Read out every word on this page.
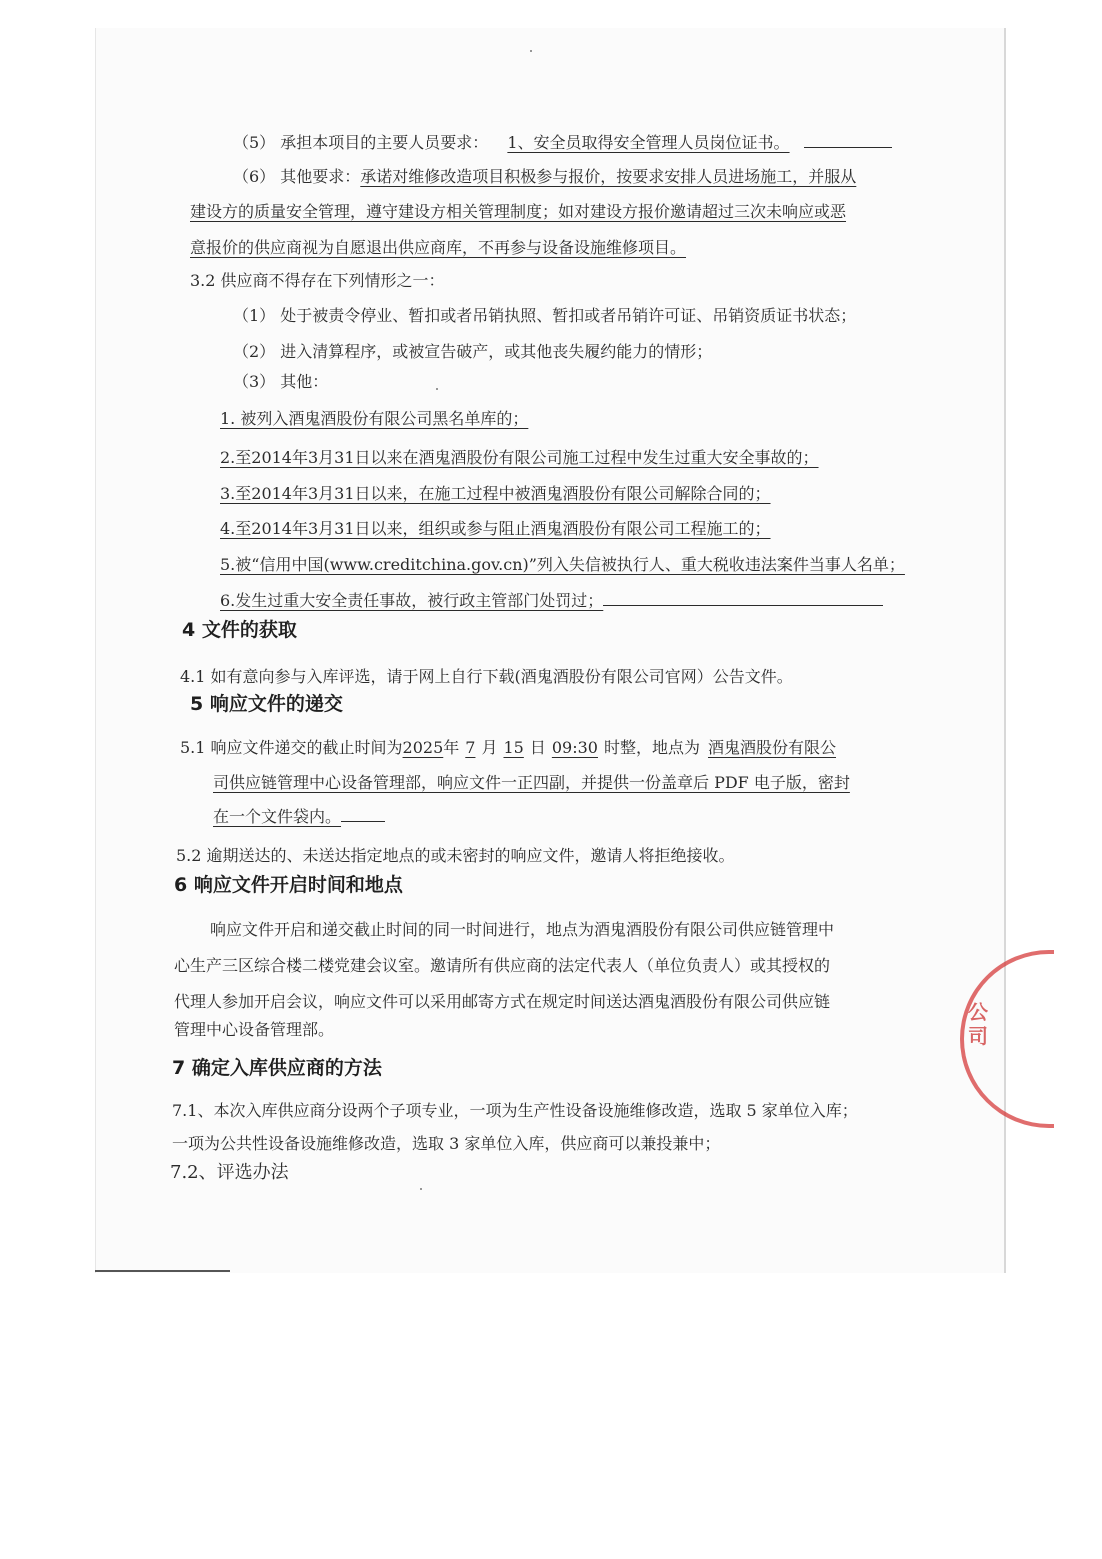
（5） 承担本项目的主要人员要求： 1、安全员取得安全管理人员岗位证书。
（6） 其他要求：承诺对维修改造项目积极参与报价，按要求安排人员进场施工，并服从
建设方的质量安全管理，遵守建设方相关管理制度；如对建设方报价邀请超过三次未响应或恶
意报价的供应商视为自愿退出供应商库，不再参与设备设施维修项目。
3.2 供应商不得存在下列情形之一：
（1） 处于被责令停业、暂扣或者吊销执照、暂扣或者吊销许可证、吊销资质证书状态；
（2） 进入清算程序，或被宣告破产，或其他丧失履约能力的情形；
（3） 其他：
1. 被列入酒鬼酒股份有限公司黑名单库的；
2.至2014年3月31日以来在酒鬼酒股份有限公司施工过程中发生过重大安全事故的；
3.至2014年3月31日以来，在施工过程中被酒鬼酒股份有限公司解除合同的；
4.至2014年3月31日以来，组织或参与阻止酒鬼酒股份有限公司工程施工的；
5.被“信用中国(www.creditchina.gov.cn)”列入失信被执行人、重大税收违法案件当事人名单；
6.发生过重大安全责任事故，被行政主管部门处罚过；
4 文件的获取
4.1 如有意向参与入库评选，请于网上自行下载(酒鬼酒股份有限公司官网）公告文件。
5 响应文件的递交
5.1 响应文件递交的截止时间为2025年 7 月 15 日 09:30 时整，地点为 酒鬼酒股份有限公
司供应链管理中心设备管理部，响应文件一正四副，并提供一份盖章后 PDF 电子版，密封
在一个文件袋内。
5.2 逾期送达的、未送达指定地点的或未密封的响应文件，邀请人将拒绝接收。
6 响应文件开启时间和地点
响应文件开启和递交截止时间的同一时间进行，地点为酒鬼酒股份有限公司供应链管理中
心生产三区综合楼二楼党建会议室。邀请所有供应商的法定代表人（单位负责人）或其授权的
代理人参加开启会议，响应文件可以采用邮寄方式在规定时间送达酒鬼酒股份有限公司供应链
管理中心设备管理部。
7 确定入库供应商的方法
7.1、本次入库供应商分设两个子项专业，一项为生产性设备设施维修改造，选取 5 家单位入库；
一项为公共性设备设施维修改造，选取 3 家单位入库，供应商可以兼投兼中；
7.2、评选办法
公司
